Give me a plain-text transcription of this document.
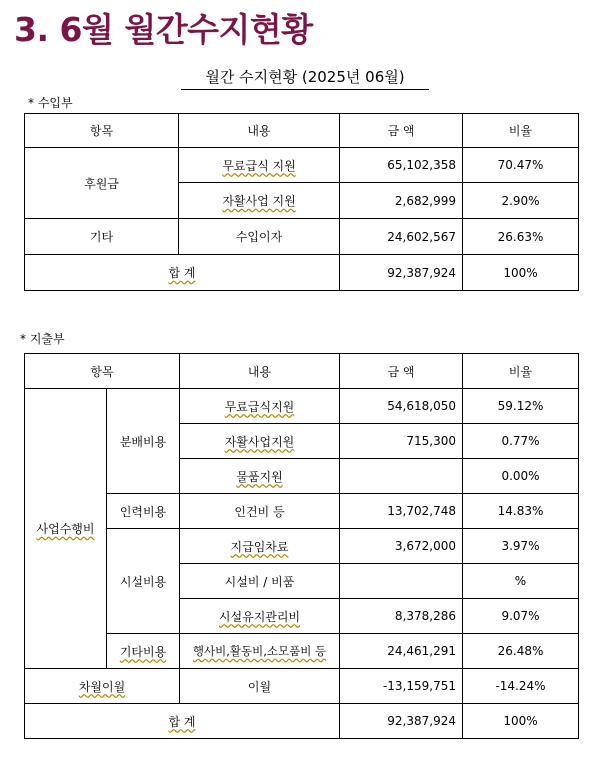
3. 6월 월간수지현황
월간 수지현황 (2025년 06월)
* 수입부
항목	내용	금 액	비율
후원금	무료급식 지원	65,102,358	70.47%
	자활사업 지원	2,682,999	2.90%
기타	수입이자	24,602,567	26.63%
합 계		92,387,924	100%
* 지출부
항목		내용	금 액	비율
사업수행비	분배비용	무료급식지원	54,618,050	59.12%
		자활사업지원	715,300	0.77%
		물품지원		0.00%
	인력비용	인건비 등	13,702,748	14.83%
	시설비용	지급임차료	3,672,000	3.97%
		시설비 / 비품		%
		시설유지관리비	8,378,286	9.07%
	기타비용	행사비,활동비,소모품비 등	24,461,291	26.48%
차월이월		이월	-13,159,751	-14.24%
합 계			92,387,924	100%
